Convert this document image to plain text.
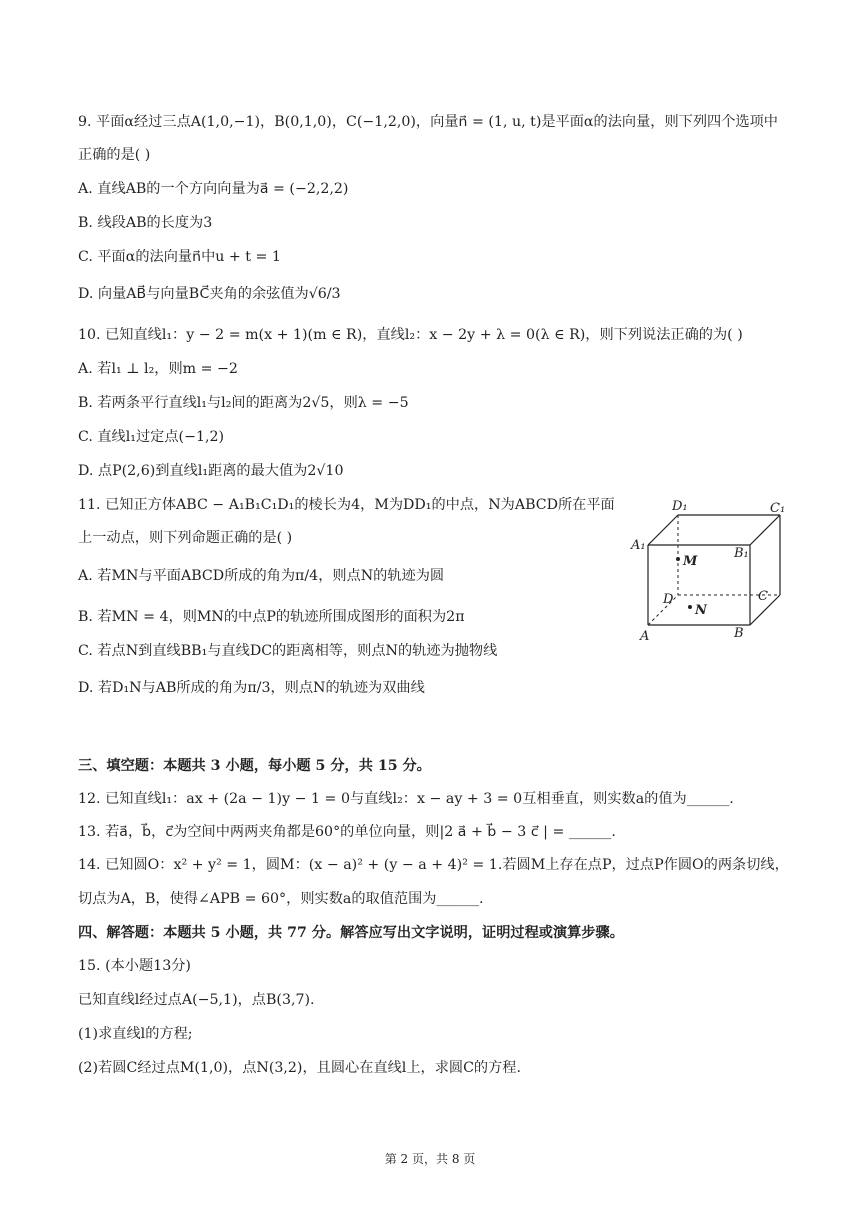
9. 平面α经过三点A(1,0,−1)，B(0,1,0)，C(−1,2,0)，向量n⃗ = (1, u, t)是平面α的法向量，则下列四个选项中
正确的是( )
A. 直线AB的一个方向向量为a⃗ = (−2,2,2)
B. 线段AB的长度为3
C. 平面α的法向量n⃗中u + t = 1
D. 向量AB⃗与向量BC⃗夹角的余弦值为√6/3
10. 已知直线l₁：y − 2 = m(x + 1)(m ∈ R)，直线l₂：x − 2y + λ = 0(λ ∈ R)，则下列说法正确的为( )
A. 若l₁ ⊥ l₂，则m = −2
B. 若两条平行直线l₁与l₂间的距离为2√5，则λ = −5
C. 直线l₁过定点(−1,2)
D. 点P(2,6)到直线l₁距离的最大值为2√10
11. 已知正方体ABC − A₁B₁C₁D₁的棱长为4，M为DD₁的中点，N为ABCD所在平面
上一动点，则下列命题正确的是( )
A. 若MN与平面ABCD所成的角为π/4，则点N的轨迹为圆
B. 若MN = 4，则MN的中点P的轨迹所围成图形的面积为2π
C. 若点N到直线BB₁与直线DC的距离相等，则点N的轨迹为抛物线
D. 若D₁N与AB所成的角为π/3，则点N的轨迹为双曲线
D₁	C₁
A₁
B₁
M
D	C
N
A	B
三、填空题：本题共 3 小题，每小题 5 分，共 15 分。
12. 已知直线l₁：ax + (2a − 1)y − 1 = 0与直线l₂：x − ay + 3 = 0互相垂直，则实数a的值为______.
13. 若a⃗，b⃗，c⃗为空间中两两夹角都是60°的单位向量，则|2 a⃗ + b⃗ − 3 c⃗ | = ______.
14. 已知圆O：x² + y² = 1，圆M：(x − a)² + (y − a + 4)² = 1.若圆M上存在点P，过点P作圆O的两条切线，
切点为A，B，使得∠APB = 60°，则实数a的取值范围为______.
四、解答题：本题共 5 小题，共 77 分。解答应写出文字说明，证明过程或演算步骤。
15. (本小题13分)
已知直线l经过点A(−5,1)，点B(3,7).
(1)求直线l的方程;
(2)若圆C经过点M(1,0)，点N(3,2)，且圆心在直线l上，求圆C的方程.
第 2 页，共 8 页
